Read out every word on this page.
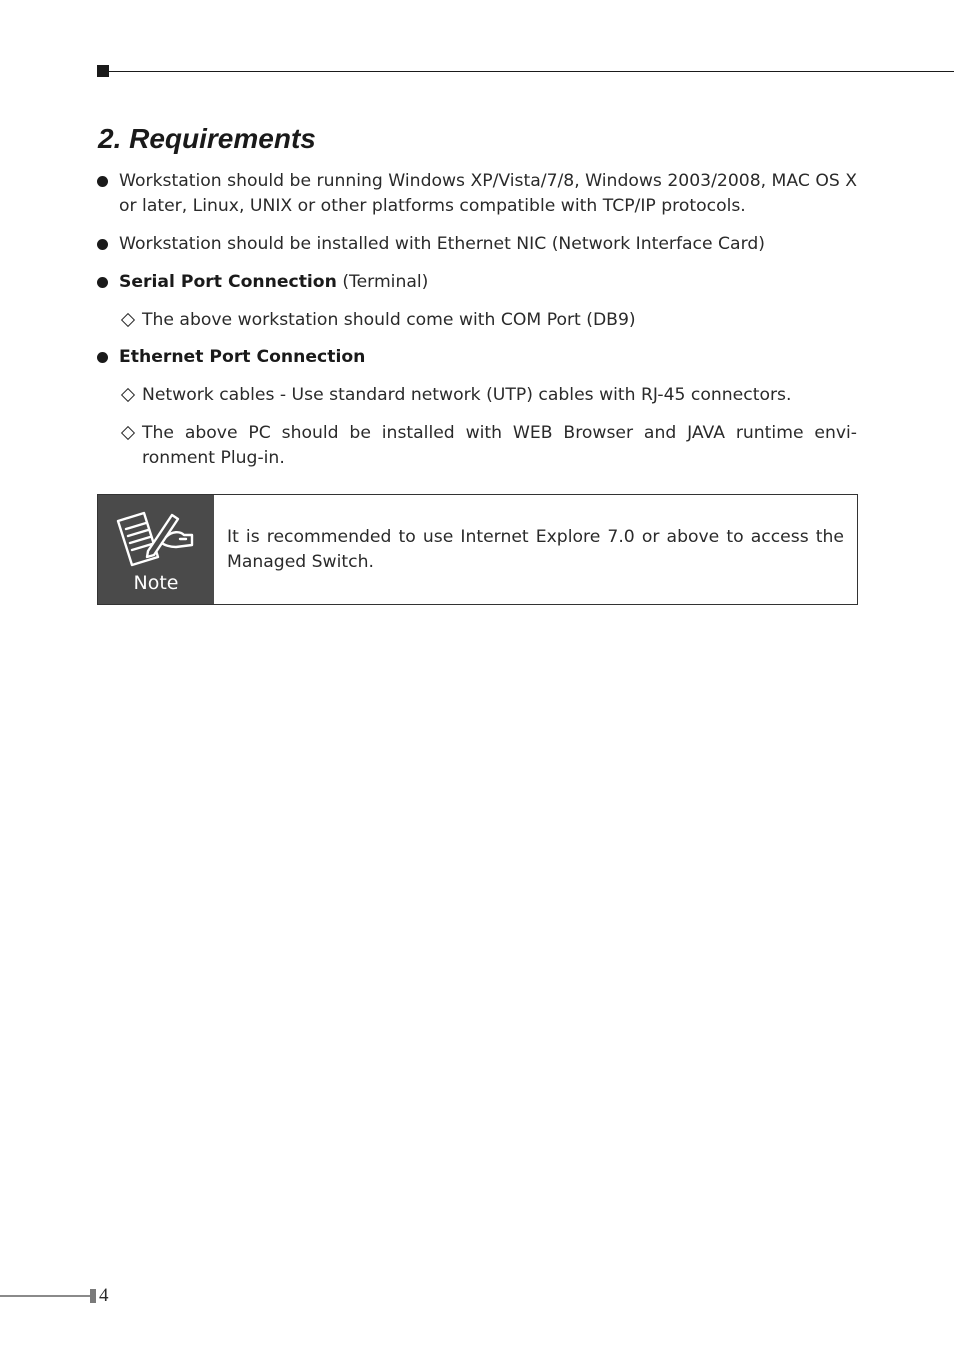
2. Requirements
Workstation should be running Windows XP/Vista/7/8, Windows 2003/2008, MAC OS X or later, Linux, UNIX or other platforms compatible with TCP/IP protocols.
Workstation should be installed with Ethernet NIC (Network Interface Card)
Serial Port Connection (Terminal)
The above workstation should come with COM Port (DB9)
Ethernet Port Connection
Network cables - Use standard network (UTP) cables with RJ-45 connectors.
The above PC should be installed with WEB Browser and JAVA runtime envi-ronment Plug-in.
Note
It is recommended to use Internet Explore 7.0 or above to access the Managed Switch.
4
